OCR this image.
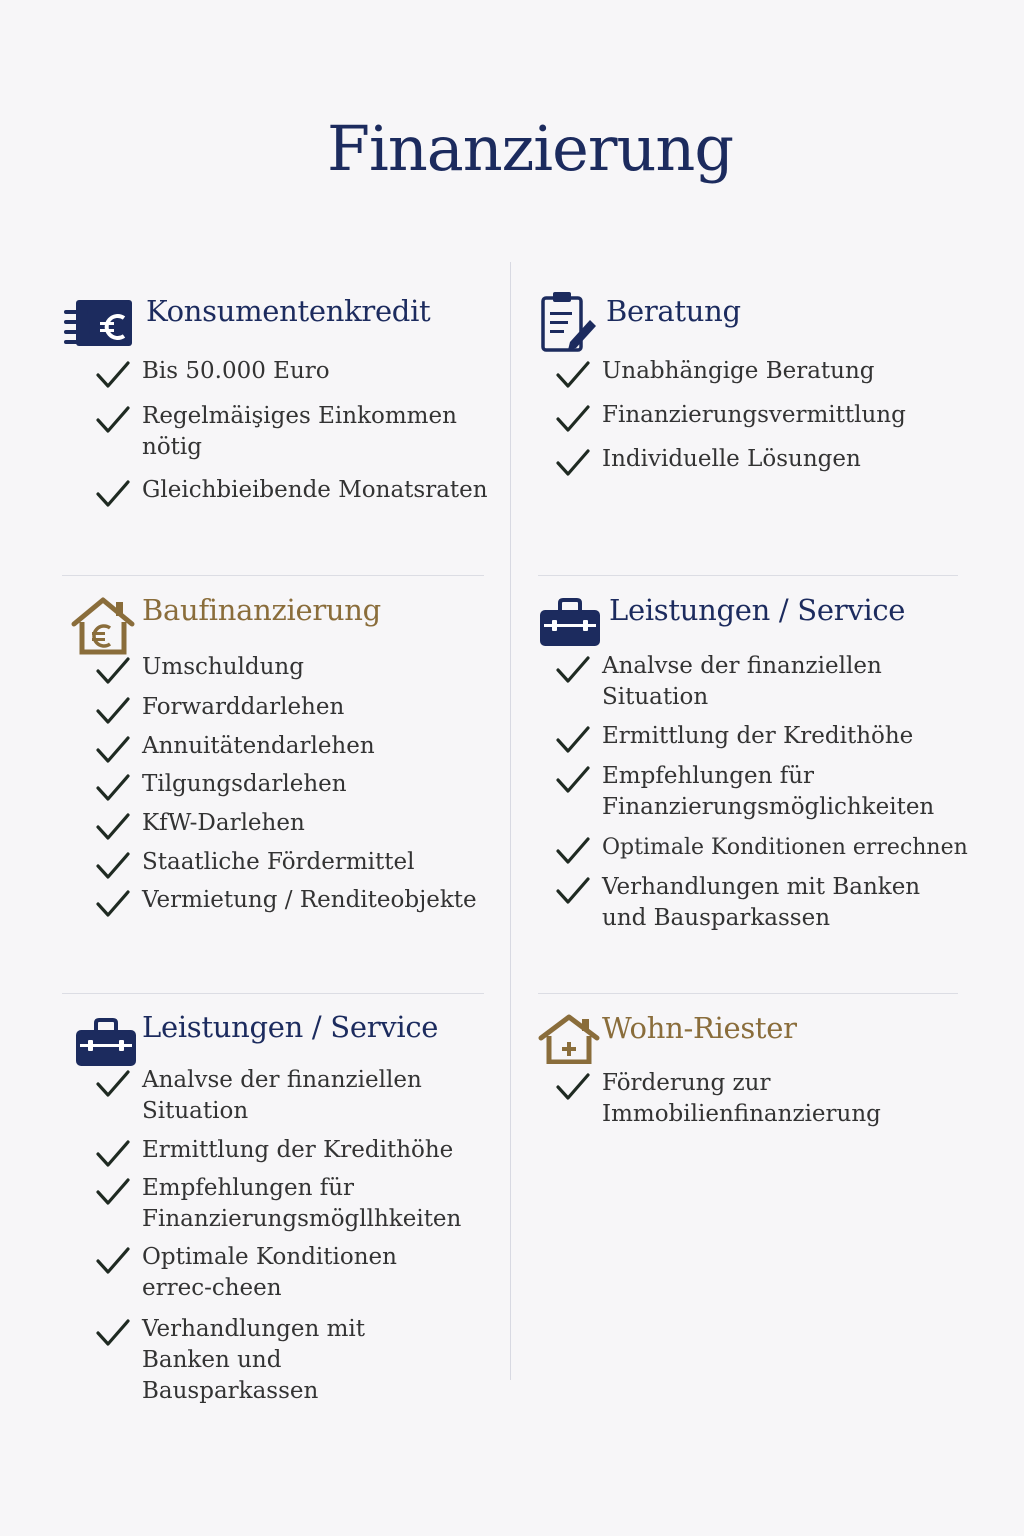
Finanzierung
Konsumentenkredit
Bis 50.000 Euro
Regelmäişiges Einkommen nötig
Gleichbieibende Monatsraten
Beratung
Unabhängige Beratung
Finanzierungsvermittlung
Individuelle Lösungen
Baufinanzierung
Umschuldung
Forwarddarlehen
Annuitätendarlehen
Tilgungsdarlehen
KfW-Darlehen
Staatliche Fördermittel
Vermietung / Renditeobjekte
Leistungen / Service
Analvse der finanziellen Situation
Ermittlung der Kredithöhe
Empfehlungen für Finanzierungsmöglichkeiten
Optimale Konditionen errechnen
Verhandlungen mit Banken und Bausparkassen
Leistungen / Service
Analvse der finanziellen Situation
Ermittlung der Kredithöhe
Empfehlungen für Finanzierungsmögllhkeiten
Optimale Konditionen errec-cheen
Verhandlungen mit Banken und Bausparkassen
Wohn-Riester
Förderung zur Immobilienfinanzierung
